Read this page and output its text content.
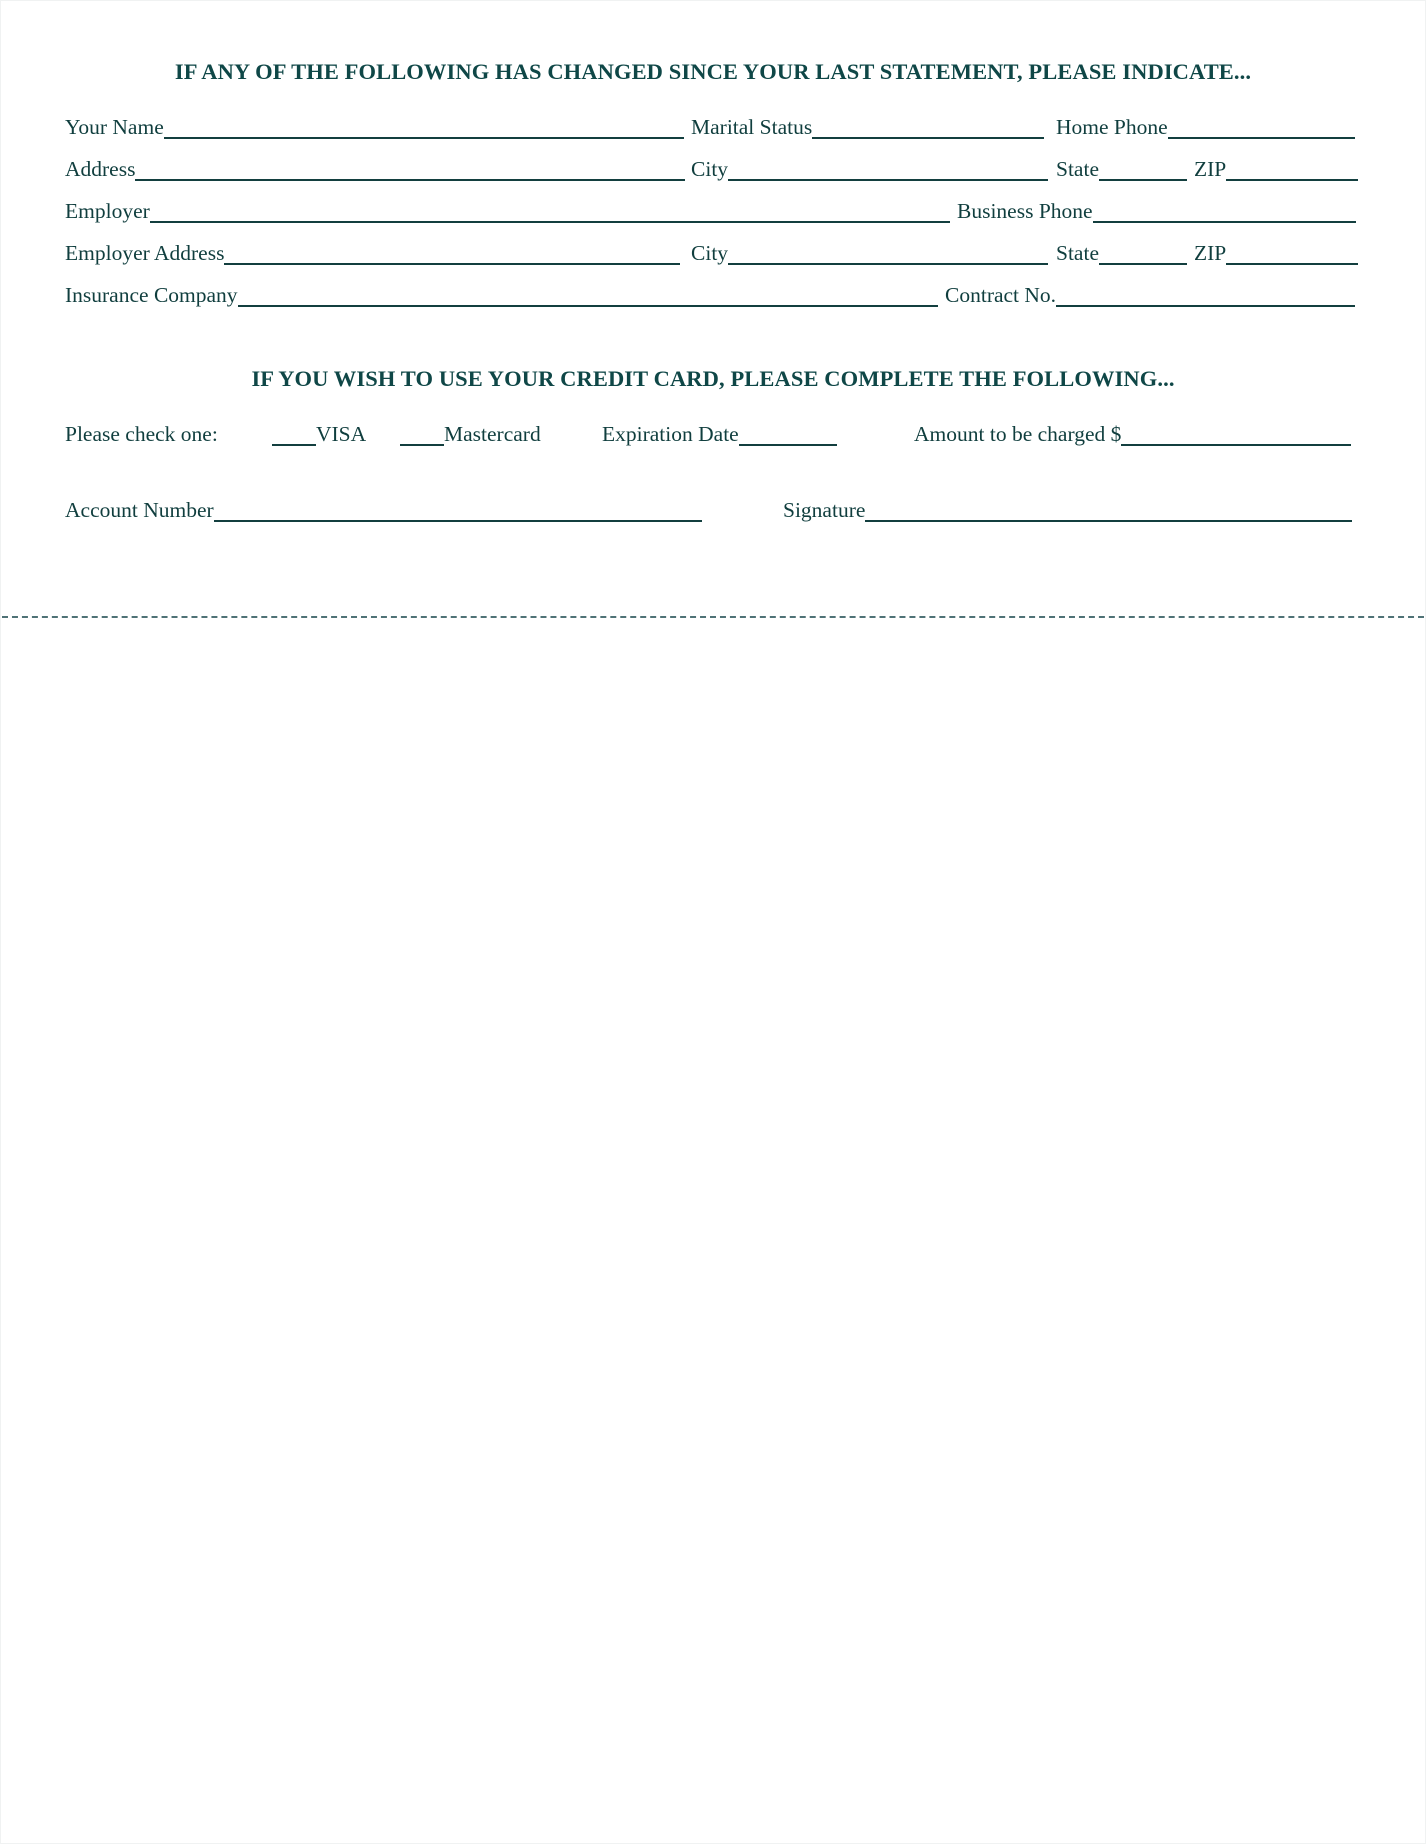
IF ANY OF THE FOLLOWING HAS CHANGED SINCE YOUR LAST STATEMENT, PLEASE INDICATE...
Your Name	Marital Status	Home Phone
Address	City	State	ZIP
Employer	Business Phone
Employer Address	City	State	ZIP
Insurance Company	Contract No.
IF YOU WISH TO USE YOUR CREDIT CARD, PLEASE COMPLETE THE FOLLOWING...
Please check one:	VISA	Mastercard	Expiration Date	Amount to be charged $
Account Number	Signature
